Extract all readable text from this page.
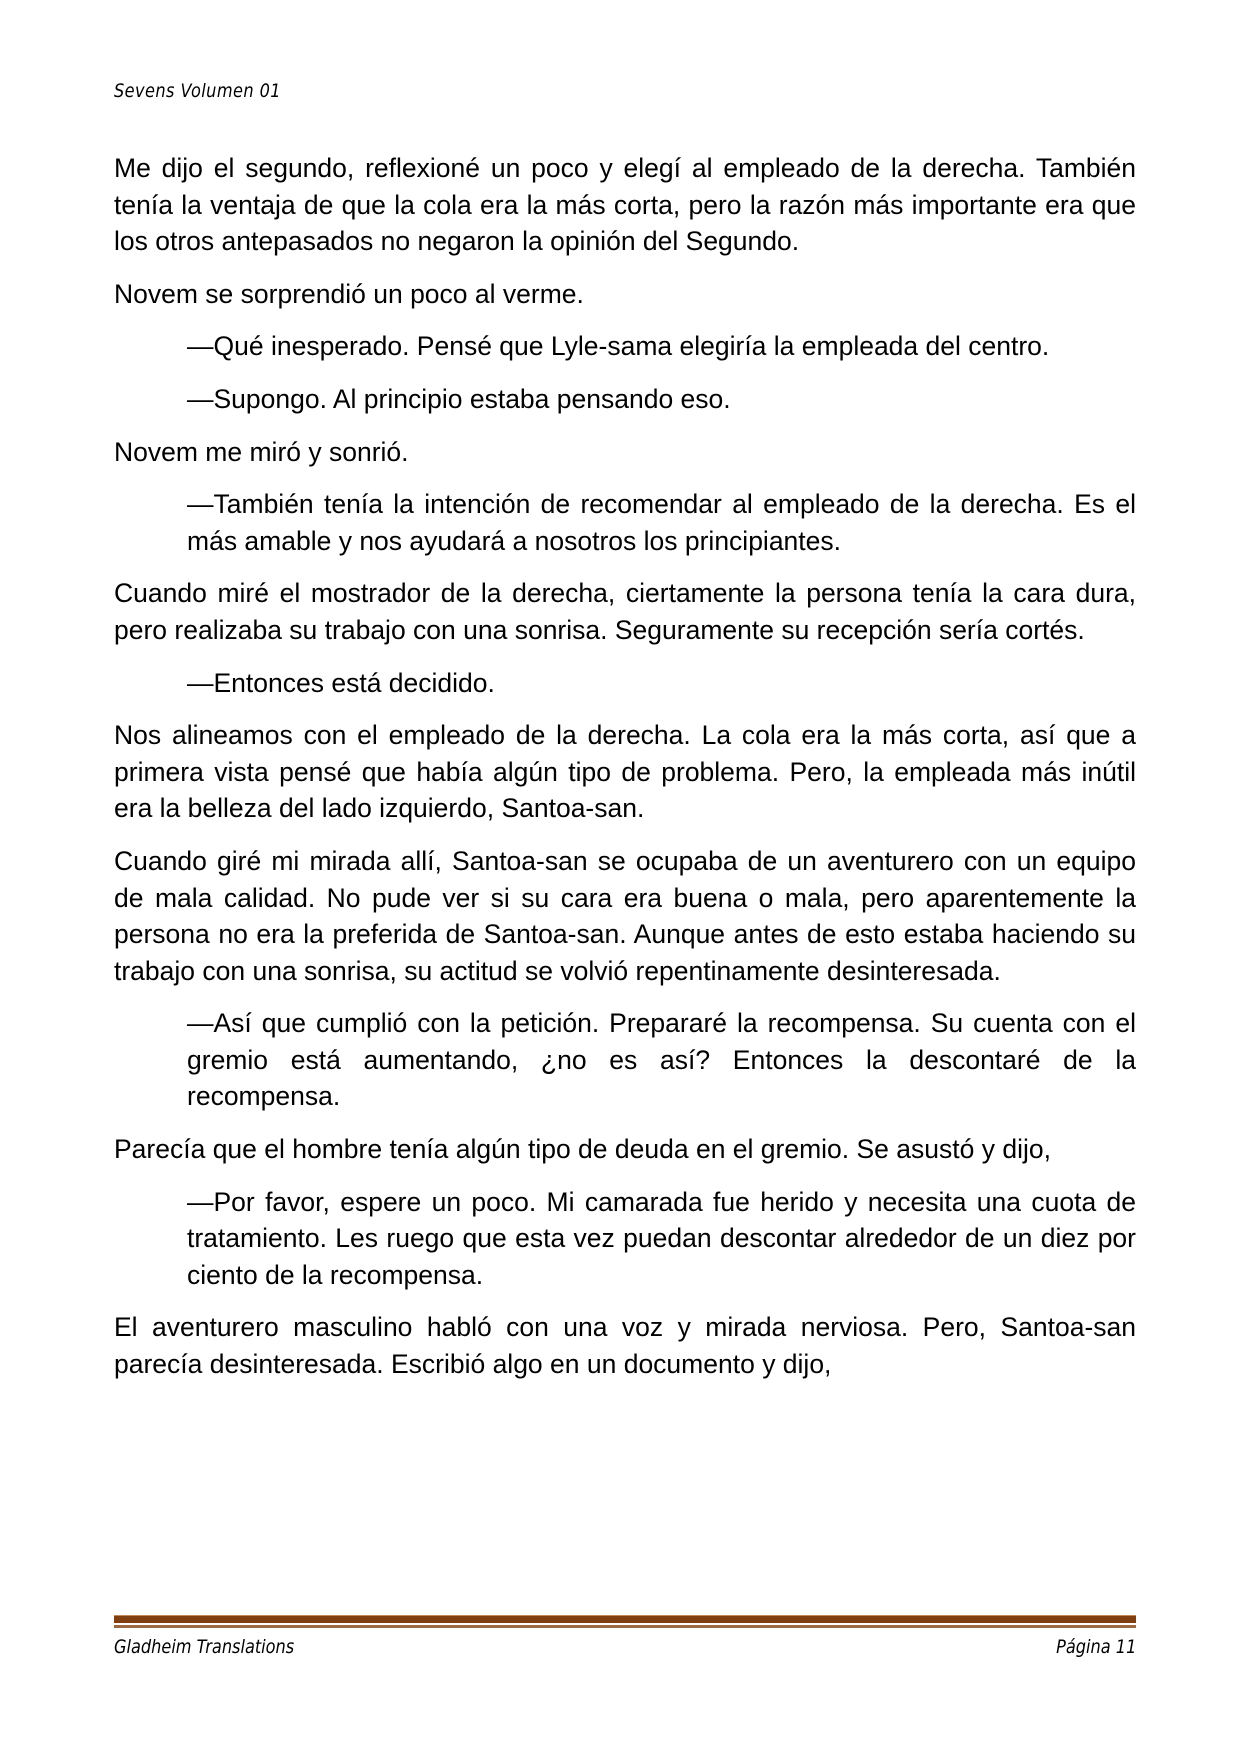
Sevens Volumen 01

Me dijo el segundo, reflexioné un poco y elegí al empleado de la derecha. También tenía la ventaja de que la cola era la más corta, pero la razón más importante era que los otros antepasados no negaron la opinión del Segundo.

Novem se sorprendió un poco al verme.

—Qué inesperado. Pensé que Lyle-sama elegiría la empleada del centro.

—Supongo. Al principio estaba pensando eso.

Novem me miró y sonrió.

—También tenía la intención de recomendar al empleado de la derecha. Es el más amable y nos ayudará a nosotros los principiantes.

Cuando miré el mostrador de la derecha, ciertamente la persona tenía la cara dura, pero realizaba su trabajo con una sonrisa. Seguramente su recepción sería cortés.

—Entonces está decidido.

Nos alineamos con el empleado de la derecha. La cola era la más corta, así que a primera vista pensé que había algún tipo de problema. Pero, la empleada más inútil era la belleza del lado izquierdo, Santoa-san.

Cuando giré mi mirada allí, Santoa-san se ocupaba de un aventurero con un equipo de mala calidad. No pude ver si su cara era buena o mala, pero aparentemente la persona no era la preferida de Santoa-san. Aunque antes de esto estaba haciendo su trabajo con una sonrisa, su actitud se volvió repentinamente desinteresada.

—Así que cumplió con la petición. Prepararé la recompensa. Su cuenta con el gremio está aumentando, ¿no es así? Entonces la descontaré de la recompensa.

Parecía que el hombre tenía algún tipo de deuda en el gremio. Se asustó y dijo,

—Por favor, espere un poco. Mi camarada fue herido y necesita una cuota de tratamiento. Les ruego que esta vez puedan descontar alrededor de un diez por ciento de la recompensa.

El aventurero masculino habló con una voz y mirada nerviosa. Pero, Santoa-san parecía desinteresada. Escribió algo en un documento y dijo,

Gladheim Translations	Página 11
